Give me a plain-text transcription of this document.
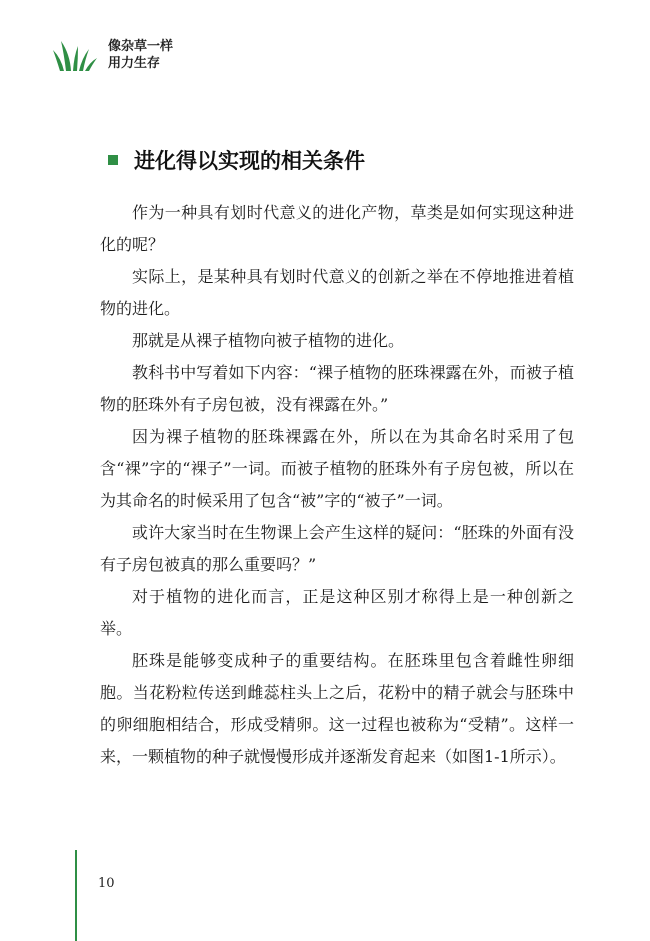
像杂草一样
用力生存
进化得以实现的相关条件

作为一种具有划时代意义的进化产物，草类是如何实现这种进化的呢？

实际上，是某种具有划时代意义的创新之举在不停地推进着植物的进化。

那就是从裸子植物向被子植物的进化。

教科书中写着如下内容：“裸子植物的胚珠裸露在外，而被子植物的胚珠外有子房包被，没有裸露在外。”

因为裸子植物的胚珠裸露在外，所以在为其命名时采用了包含“裸”字的“裸子”一词。而被子植物的胚珠外有子房包被，所以在为其命名的时候采用了包含“被”字的“被子”一词。

或许大家当时在生物课上会产生这样的疑问：“胚珠的外面有没有子房包被真的那么重要吗？”

对于植物的进化而言，正是这种区别才称得上是一种创新之举。

胚珠是能够变成种子的重要结构。在胚珠里包含着雌性卵细胞。当花粉粒传送到雌蕊柱头上之后，花粉中的精子就会与胚珠中的卵细胞相结合，形成受精卵。这一过程也被称为“受精”。这样一来，一颗植物的种子就慢慢形成并逐渐发育起来（如图1-1所示）。

10
